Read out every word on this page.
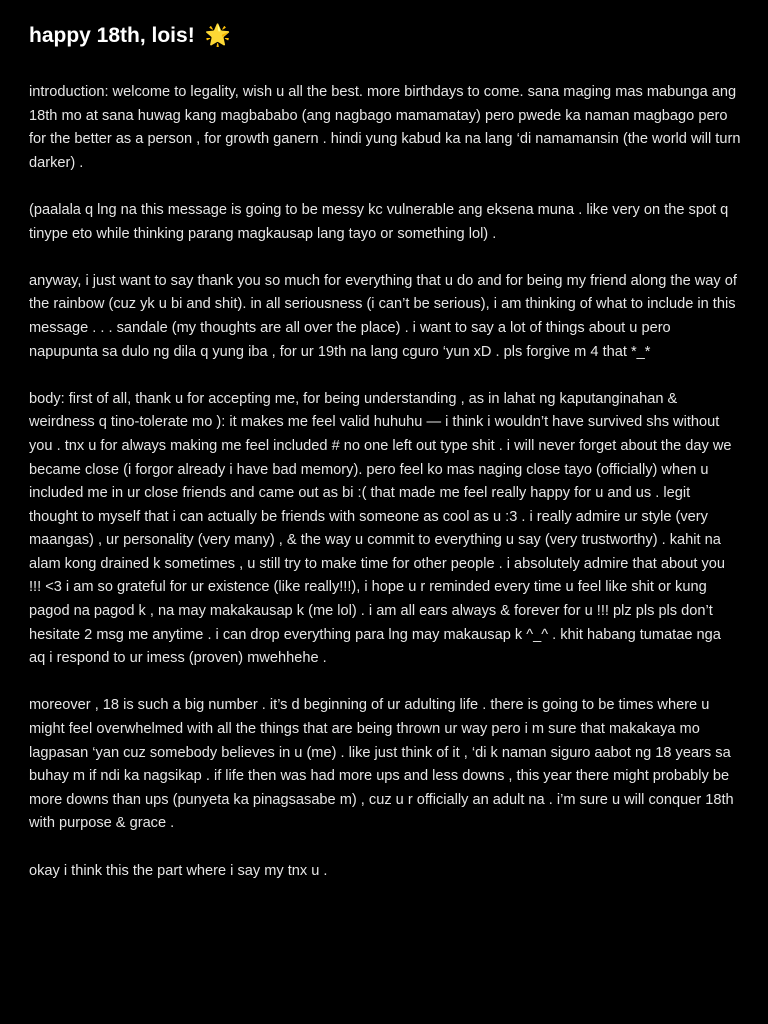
happy 18th, lois! 🌟

introduction: welcome to legality, wish u all the best. more birthdays to come. sana maging mas mabunga ang 18th mo at sana huwag kang magbababo (ang nagbago mamamatay) pero pwede ka naman magbago pero for the better as a person , for growth ganern . hindi yung kabud ka na lang ‘di namamansin (the world will turn darker) .

(paalala q lng na this message is going to be messy kc vulnerable ang eksena muna . like very on the spot q tinype eto while thinking parang magkausap lang tayo or something lol) .

anyway, i just want to say thank you so much for everything that u do and for being my friend along the way of the rainbow (cuz yk u bi and shit). in all seriousness (i can’t be serious), i am thinking of what to include in this message . . . sandale (my thoughts are all over the place) . i want to say a lot of things about u pero napupunta sa dulo ng dila q yung iba , for ur 19th na lang cguro ‘yun xD . pls forgive m 4 that *_*

body: first of all, thank u for accepting me, for being understanding , as in lahat ng kaputanginahan & weirdness q tino-tolerate mo ): it makes me feel valid huhuhu — i think i wouldn’t have survived shs without you . tnx u for always making me feel included # no one left out type shit . i will never forget about the day we became close (i forgor already i have bad memory). pero feel ko mas naging close tayo (officially) when u included me in ur close friends and came out as bi :( that made me feel really happy for u and us . legit thought to myself that i can actually be friends with someone as cool as u :3 . i really admire ur style (very maangas) , ur personality (very many) , & the way u commit to everything u say (very trustworthy) . kahit na alam kong drained k sometimes , u still try to make time for other people . i absolutely admire that about you !!! <3 i am so grateful for ur existence (like really!!!), i hope u r reminded every time u feel like shit or kung pagod na pagod k , na may makakausap k (me lol) . i am all ears always & forever for u !!! plz pls pls don’t hesitate 2 msg me anytime . i can drop everything para lng may makausap k ^_^ . khit habang tumatae nga aq i respond to ur imess (proven) mwehhehe .

moreover , 18 is such a big number . it’s d beginning of ur adulting life . there is going to be times where u might feel overwhelmed with all the things that are being thrown ur way pero i m sure that makakaya mo lagpasan ‘yan cuz somebody believes in u (me) . like just think of it , ‘di k naman siguro aabot ng 18 years sa buhay m if ndi ka nagsikap . if life then was had more ups and less downs , this year there might probably be more downs than ups (punyeta ka pinagsasabe m) , cuz u r officially an adult na . i’m sure u will conquer 18th with purpose & grace .

okay i think this the part where i say my tnx u .
